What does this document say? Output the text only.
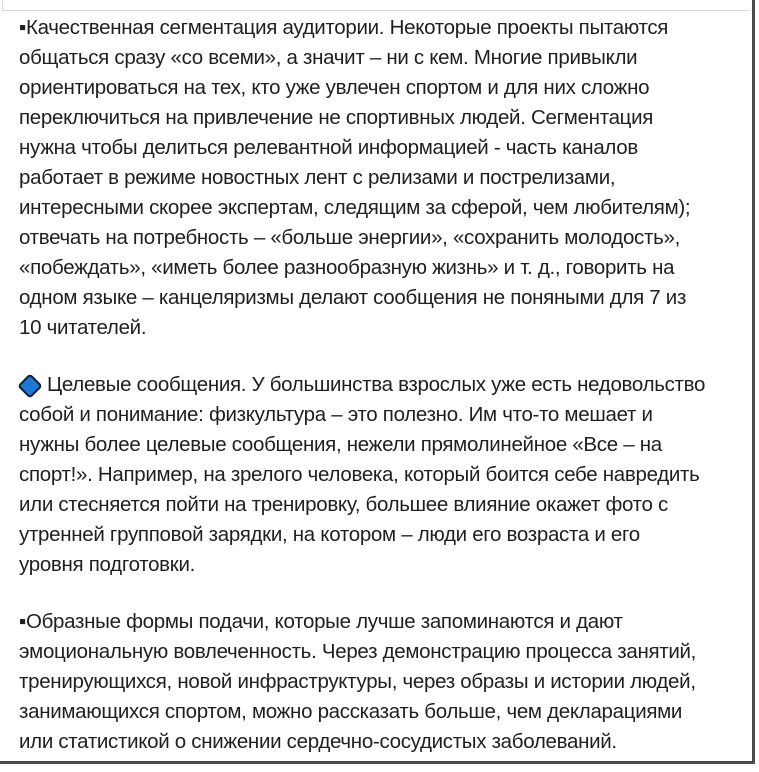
▪Качественная сегментация аудитории. Некоторые проекты пытаются
общаться сразу «со всеми», а значит – ни с кем. Многие привыкли
ориентироваться на тех, кто уже увлечен спортом и для них сложно
переключиться на привлечение не спортивных людей. Сегментация
нужна чтобы делиться релевантной информацией - часть каналов
работает в режиме новостных лент с релизами и пострелизами,
интересными скорее экспертам, следящим за сферой, чем любителям);
отвечать на потребность – «больше энергии», «сохранить молодость»,
«побеждать», «иметь более разнообразную жизнь» и т. д., говорить на
одном языке – канцеляризмы делают сообщения не поняными для 7 из
10 читателей.
Целевые сообщения. У большинства взрослых уже есть недовольство
собой и понимание: физкультура – это полезно. Им что-то мешает и
нужны более целевые сообщения, нежели прямолинейное «Все – на
спорт!». Например, на зрелого человека, который боится себе навредить
или стесняется пойти на тренировку, большее влияние окажет фото с
утренней групповой зарядки, на котором – люди его возраста и его
уровня подготовки.
▪Образные формы подачи, которые лучше запоминаются и дают
эмоциональную вовлеченность. Через демонстрацию процесса занятий,
тренирующихся, новой инфраструктуры, через образы и истории людей,
занимающихся спортом, можно рассказать больше, чем декларациями
или статистикой о снижении сердечно-сосудистых заболеваний.
